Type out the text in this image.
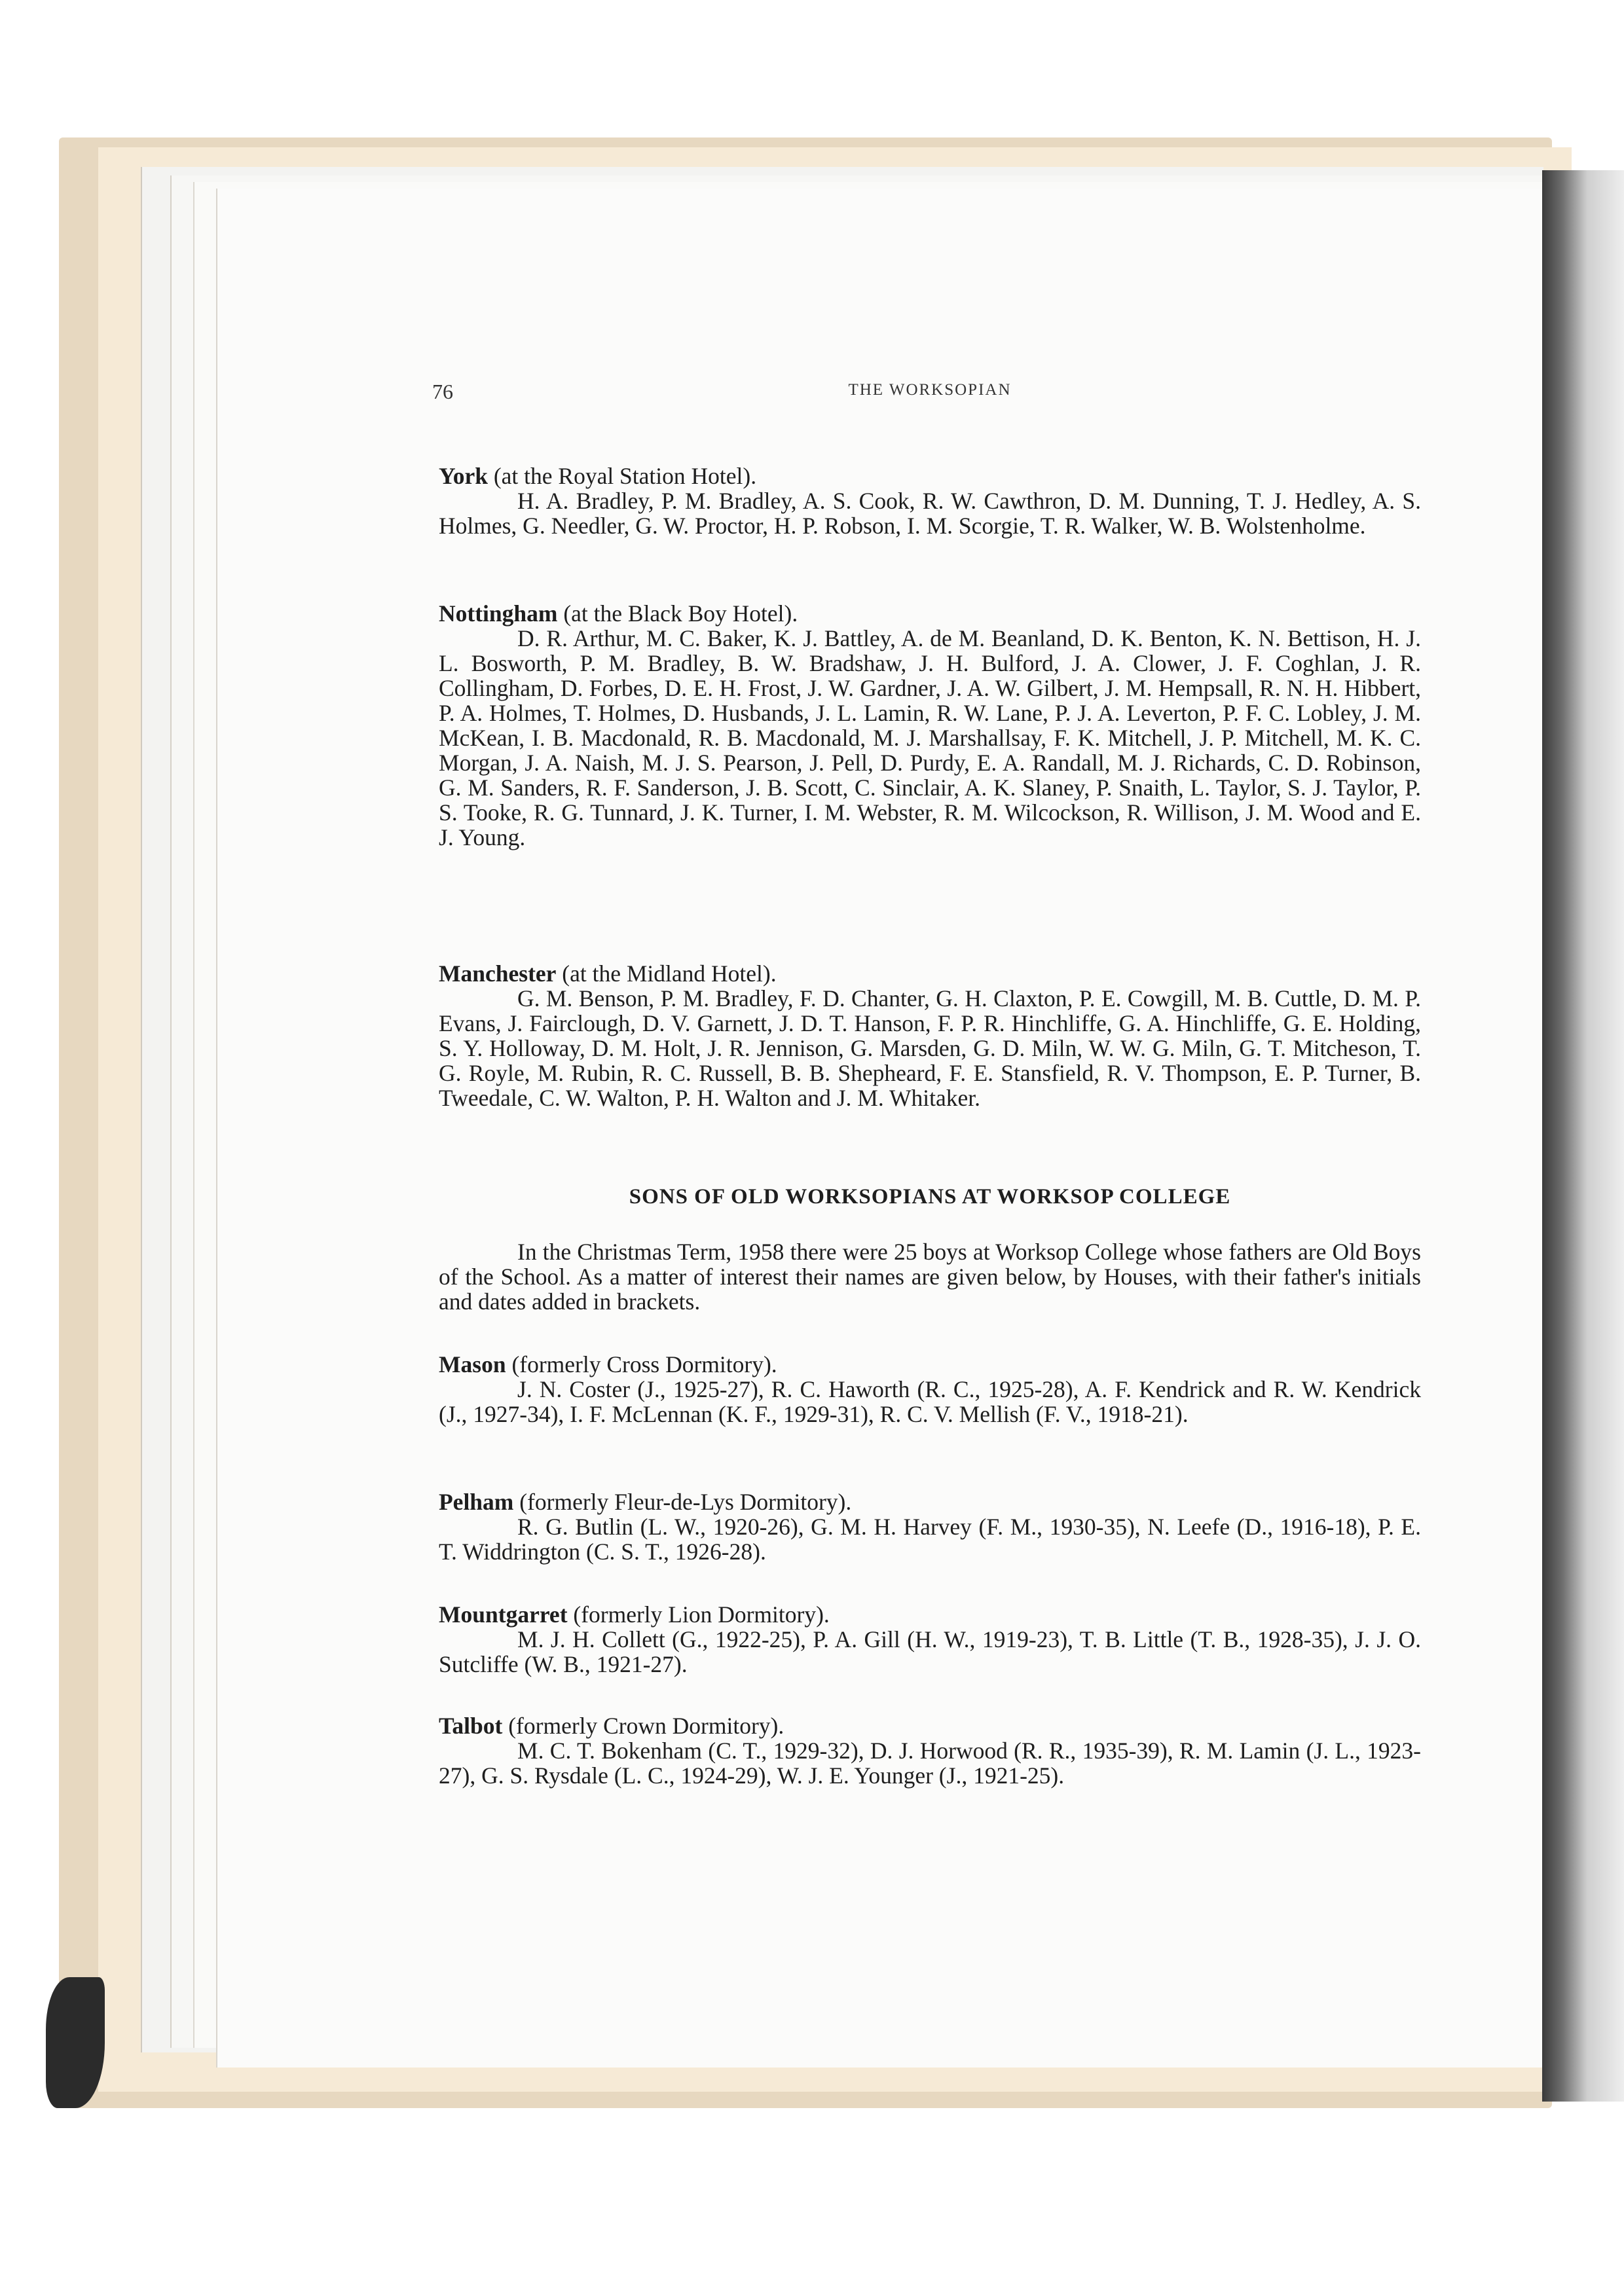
76	THE WORKSOPIAN

York (at the Royal Station Hotel).

H. A. Bradley, P. M. Bradley, A. S. Cook, R. W. Cawthron, D. M. Dunning, T. J. Hedley, A. S. Holmes, G. Needler, G. W. Proctor, H. P. Robson, I. M. Scorgie, T. R. Walker, W. B. Wolstenholme.

Nottingham (at the Black Boy Hotel).

D. R. Arthur, M. C. Baker, K. J. Battley, A. de M. Beanland, D. K. Benton, K. N. Bettison, H. J. L. Bosworth, P. M. Bradley, B. W. Bradshaw, J. H. Bulford, J. A. Clower, J. F. Coghlan, J. R. Collingham, D. Forbes, D. E. H. Frost, J. W. Gardner, J. A. W. Gilbert, J. M. Hempsall, R. N. H. Hibbert, P. A. Holmes, T. Holmes, D. Husbands, J. L. Lamin, R. W. Lane, P. J. A. Leverton, P. F. C. Lobley, J. M. McKean, I. B. Macdonald, R. B. Macdonald, M. J. Marshallsay, F. K. Mitchell, J. P. Mitchell, M. K. C. Morgan, J. A. Naish, M. J. S. Pearson, J. Pell, D. Purdy, E. A. Randall, M. J. Richards, C. D. Robinson, G. M. Sanders, R. F. Sanderson, J. B. Scott, C. Sinclair, A. K. Slaney, P. Snaith, L. Taylor, S. J. Taylor, P. S. Tooke, R. G. Tunnard, J. K. Turner, I. M. Webster, R. M. Wilcockson, R. Willison, J. M. Wood and E. J. Young.

Manchester (at the Midland Hotel).

G. M. Benson, P. M. Bradley, F. D. Chanter, G. H. Claxton, P. E. Cowgill, M. B. Cuttle, D. M. P. Evans, J. Fairclough, D. V. Garnett, J. D. T. Hanson, F. P. R. Hinchliffe, G. A. Hinchliffe, G. E. Holding, S. Y. Holloway, D. M. Holt, J. R. Jennison, G. Marsden, G. D. Miln, W. W. G. Miln, G. T. Mitcheson, T. G. Royle, M. Rubin, R. C. Russell, B. B. Shepheard, F. E. Stansfield, R. V. Thompson, E. P. Turner, B. Tweedale, C. W. Walton, P. H. Walton and J. M. Whitaker.

SONS OF OLD WORKSOPIANS AT WORKSOP COLLEGE

In the Christmas Term, 1958 there were 25 boys at Worksop College whose fathers are Old Boys of the School. As a matter of interest their names are given below, by Houses, with their father's initials and dates added in brackets.

Mason (formerly Cross Dormitory).

J. N. Coster (J., 1925-27), R. C. Haworth (R. C., 1925-28), A. F. Kendrick and R. W. Kendrick (J., 1927-34), I. F. McLennan (K. F., 1929-31), R. C. V. Mellish (F. V., 1918-21).

Pelham (formerly Fleur-de-Lys Dormitory).

R. G. Butlin (L. W., 1920-26), G. M. H. Harvey (F. M., 1930-35), N. Leefe (D., 1916-18), P. E. T. Widdrington (C. S. T., 1926-28).

Mountgarret (formerly Lion Dormitory).

M. J. H. Collett (G., 1922-25), P. A. Gill (H. W., 1919-23), T. B. Little (T. B., 1928-35), J. J. O. Sutcliffe (W. B., 1921-27).

Talbot (formerly Crown Dormitory).

M. C. T. Bokenham (C. T., 1929-32), D. J. Horwood (R. R., 1935-39), R. M. Lamin (J. L., 1923-27), G. S. Rysdale (L. C., 1924-29), W. J. E. Younger (J., 1921-25).
